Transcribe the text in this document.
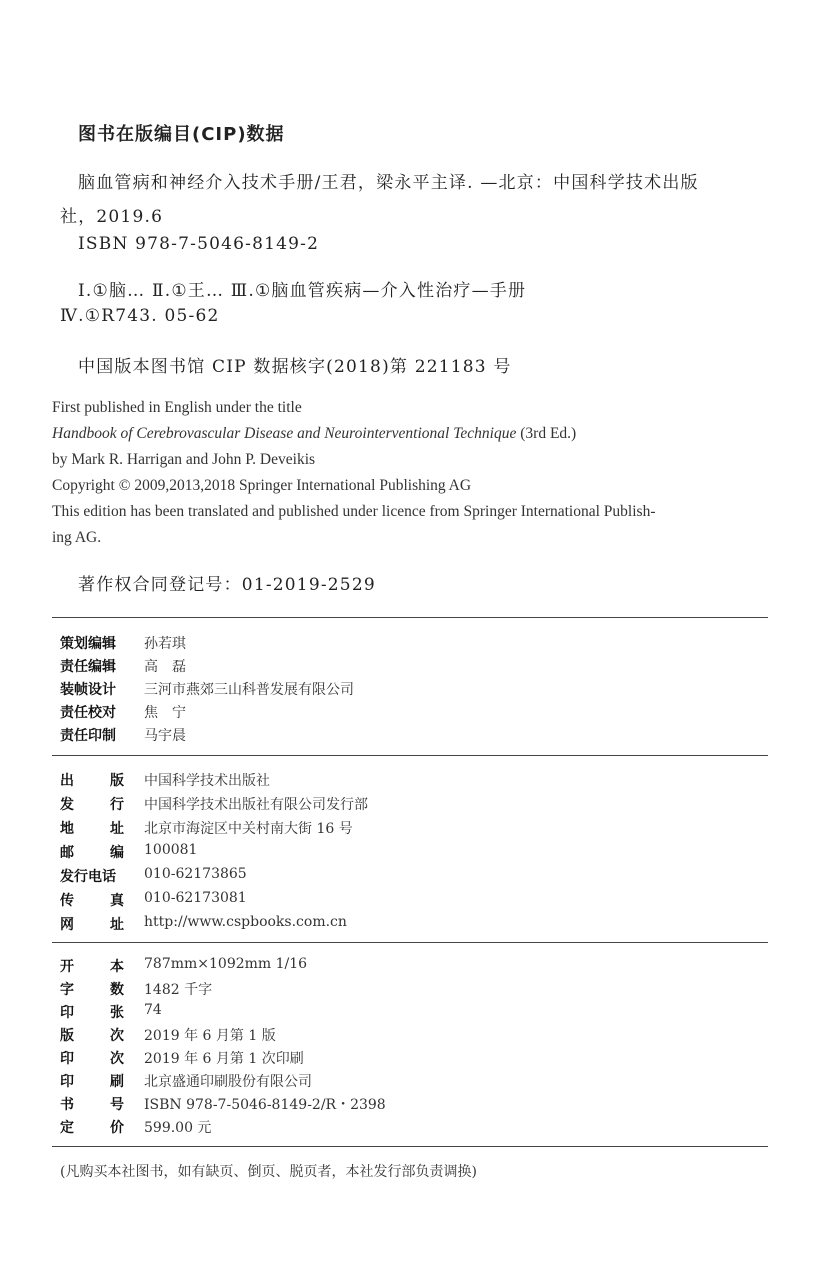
图书在版编目(CIP)数据
脑血管病和神经介入技术手册/王君，梁永平主译. —北京：中国科学技术出版
社，2019.6
ISBN 978-7-5046-8149-2
Ⅰ.①脑… Ⅱ.①王… Ⅲ.①脑血管疾病—介入性治疗—手册
Ⅳ.①R743. 05-62
中国版本图书馆 CIP 数据核字(2018)第 221183 号
First published in English under the title
Handbook of Cerebrovascular Disease and Neurointerventional Technique (3rd Ed.)
by Mark R. Harrigan and John P. Deveikis
Copyright © 2009,2013,2018 Springer International Publishing AG
This edition has been translated and published under licence from Springer International Publish-
ing AG.
著作权合同登记号：01-2019-2529
策划编辑	孙若琪
责任编辑	高　磊
装帧设计	三河市燕郊三山科普发展有限公司
责任校对	焦　宁
责任印制	马宇晨
出	版 中国科学技术出版社
发	行 中国科学技术出版社有限公司发行部
地	址 北京市海淀区中关村南大街 16 号
邮	编 100081
发行电话	010-62173865
传	真 010-62173081
网	址 http://www.cspbooks.com.cn
开	本 787mm×1092mm 1/16
字	数 1482 千字
印	张 74
版	次 2019 年 6 月第 1 版
印	次 2019 年 6 月第 1 次印刷
印	刷 北京盛通印刷股份有限公司
书	号 ISBN 978-7-5046-8149-2/R・2398
定	价 599.00 元
(凡购买本社图书，如有缺页、倒页、脱页者，本社发行部负责调换)
